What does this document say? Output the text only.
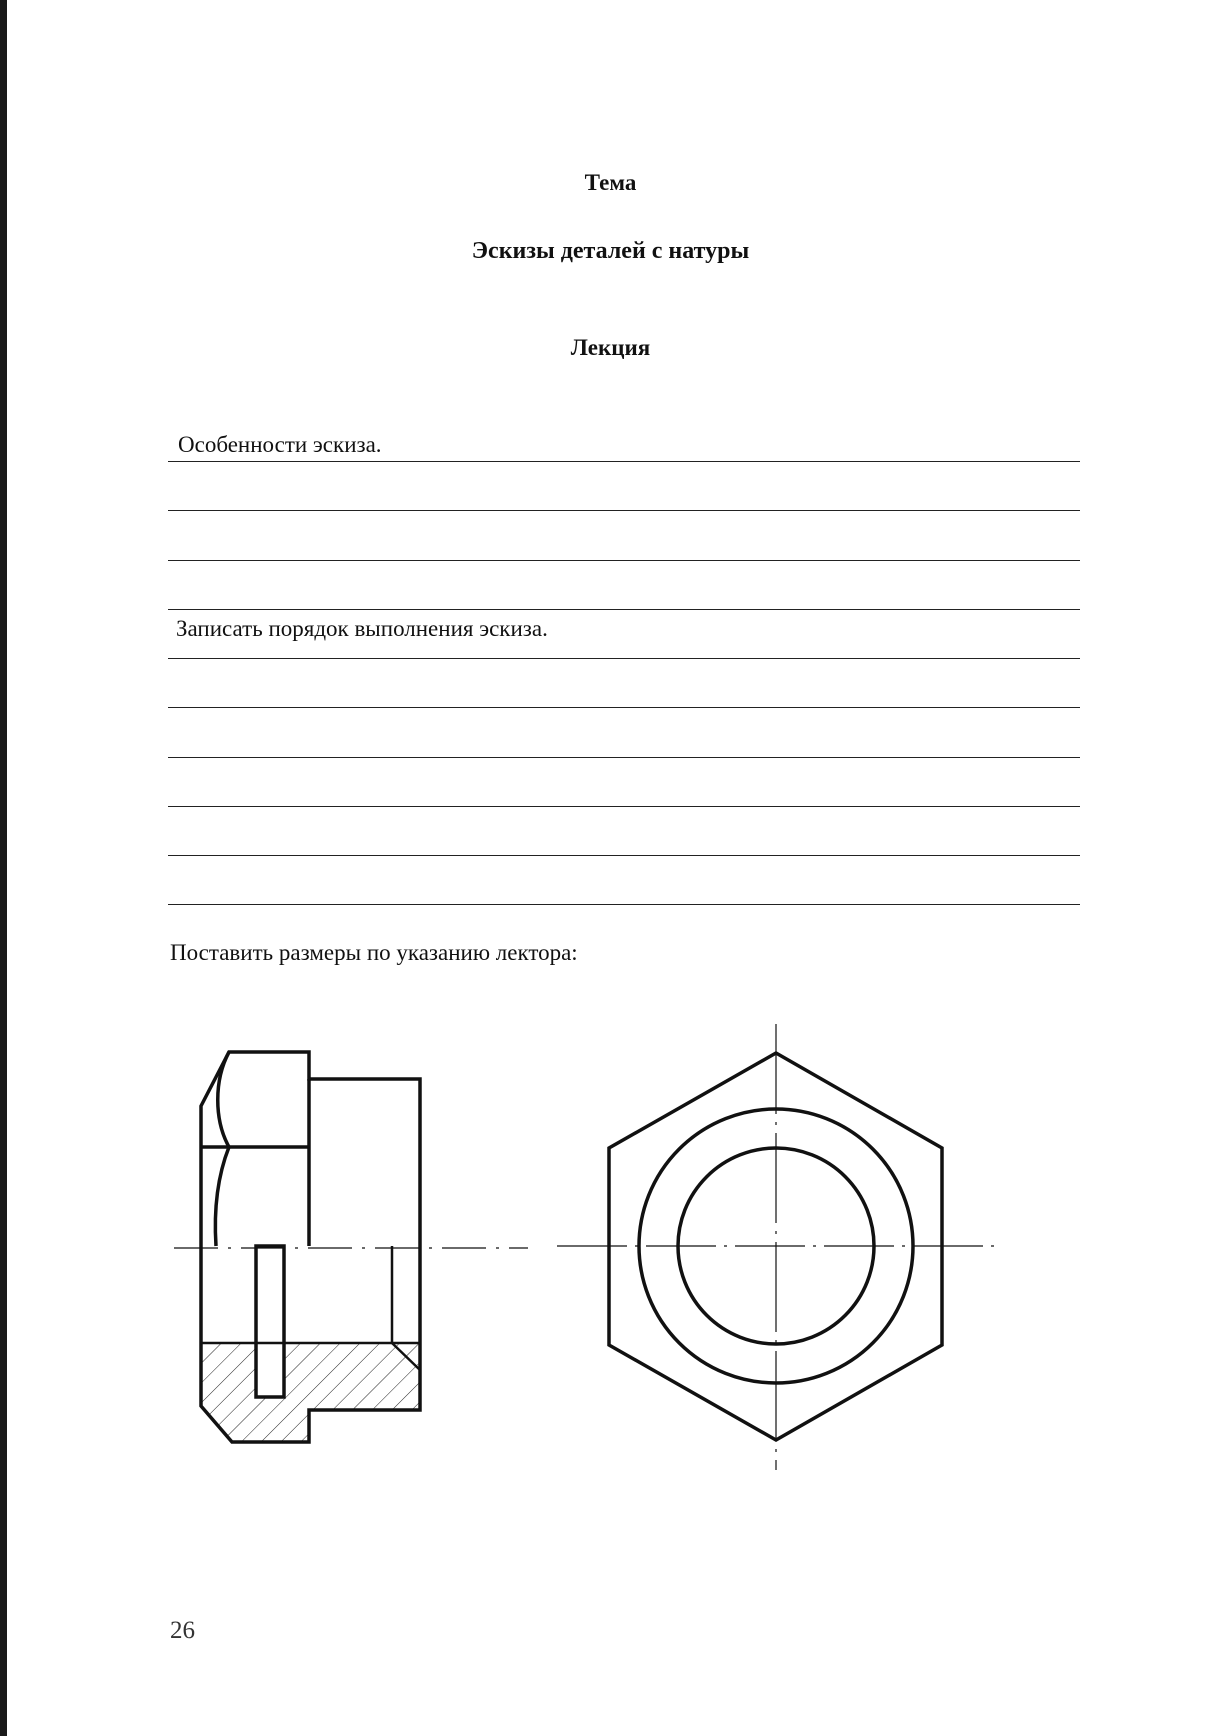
Тема
Эскизы деталей с натуры
Лекция
Особенности эскиза.
Записать порядок выполнения эскиза.
Поставить размеры по указанию лектора:
26
